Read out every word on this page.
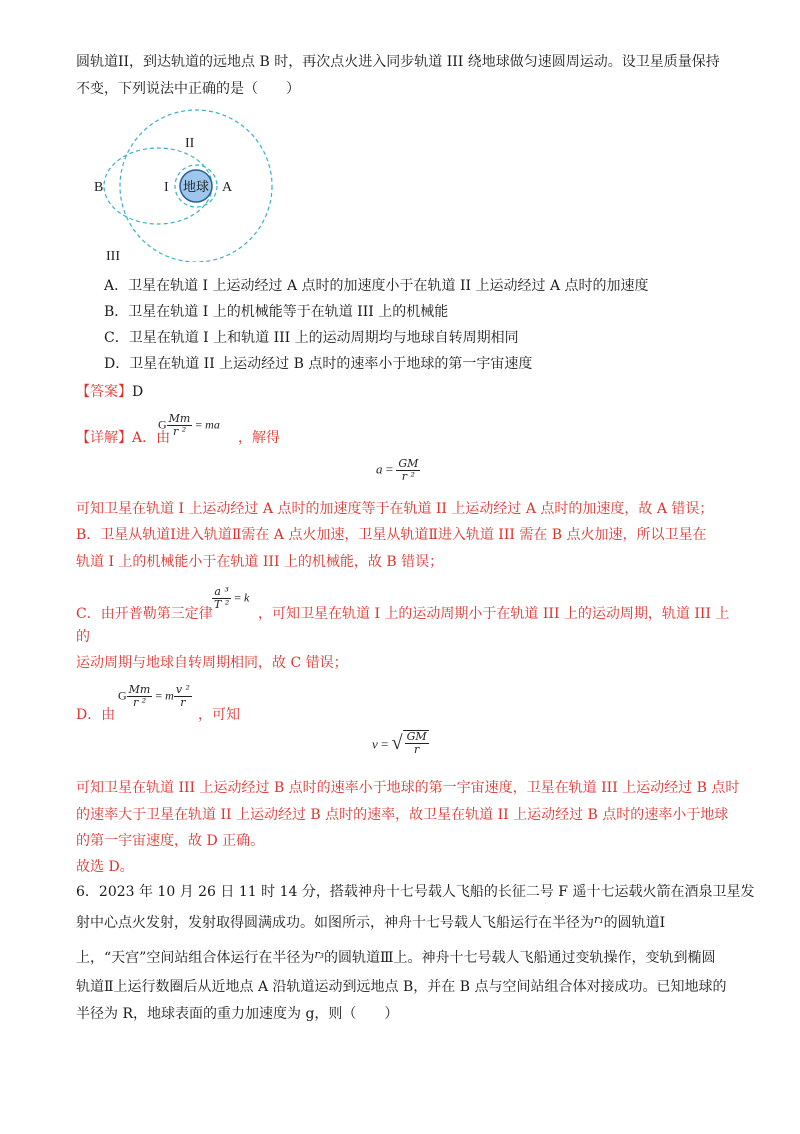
圆轨道II，到达轨道的远地点 B 时，再次点火进入同步轨道 III 绕地球做匀速圆周运动。设卫星质量保持
不变，下列说法中正确的是（　　）
地球
II
I
B	A
III
A．卫星在轨道 I 上运动经过 A 点时的加速度小于在轨道 II 上运动经过 A 点时的加速度
B．卫星在轨道 I 上的机械能等于在轨道 III 上的机械能
C．卫星在轨道 I 上和轨道 III 上的运动周期均与地球自转周期相同
D．卫星在轨道 II 上运动经过 B 点时的速率小于地球的第一宇宙速度
【答案】D
【详解】A．由
G $\frac{Mm}{\text{r ²}}$ = ma
，解得
$a = \frac{GM}{\text{r ²}}$
可知卫星在轨道 I 上运动经过 A 点时的加速度等于在轨道 II 上运动经过 A 点时的加速度，故 A 错误；
B．卫星从轨道Ⅰ进入轨道Ⅱ需在 A 点火加速，卫星从轨道Ⅱ进入轨道 III 需在 B 点火加速，所以卫星在
轨道 I 上的机械能小于在轨道 III 上的机械能，故 B 错误；
$\frac{\text{a ³}}{\text{T ²}} = k$
C．由开普勒第三定律	，可知卫星在轨道 I 上的运动周期小于在轨道 III 上的运动周期，轨道 III 上
的
运动周期与地球自转周期相同，故 C 错误；
G $\frac{Mm}{\text{r ²}} = m \frac{\text{v ²}}{r}$
D．由	，可知
v = √ $\frac{GM}{r}$
可知卫星在轨道 III 上运动经过 B 点时的速率小于地球的第一宇宙速度，卫星在轨道 III 上运动经过 B 点时
的速率大于卫星在轨道 II 上运动经过 B 点时的速率，故卫星在轨道 II 上运动经过 B 点时的速率小于地球
的第一宇宙速度，故 D 正确。
故选 D。
6．2023 年 10 月 26 日 11 时 14 分，搭载神舟十七号载人飞船的长征二号 F 遥十七运载火箭在酒泉卫星发
射中心点火发射，发射取得圆满成功。如图所示，神舟十七号载人飞船运行在半径为$^{r_1}$的圆轨道Ⅰ
上，“天宫”空间站组合体运行在半径为$^{r_3}$的圆轨道Ⅲ上。神舟十七号载人飞船通过变轨操作，变轨到椭圆
轨道Ⅱ上运行数圈后从近地点 A 沿轨道运动到远地点 B，并在 B 点与空间站组合体对接成功。已知地球的
半径为 R，地球表面的重力加速度为 g，则（　　）
